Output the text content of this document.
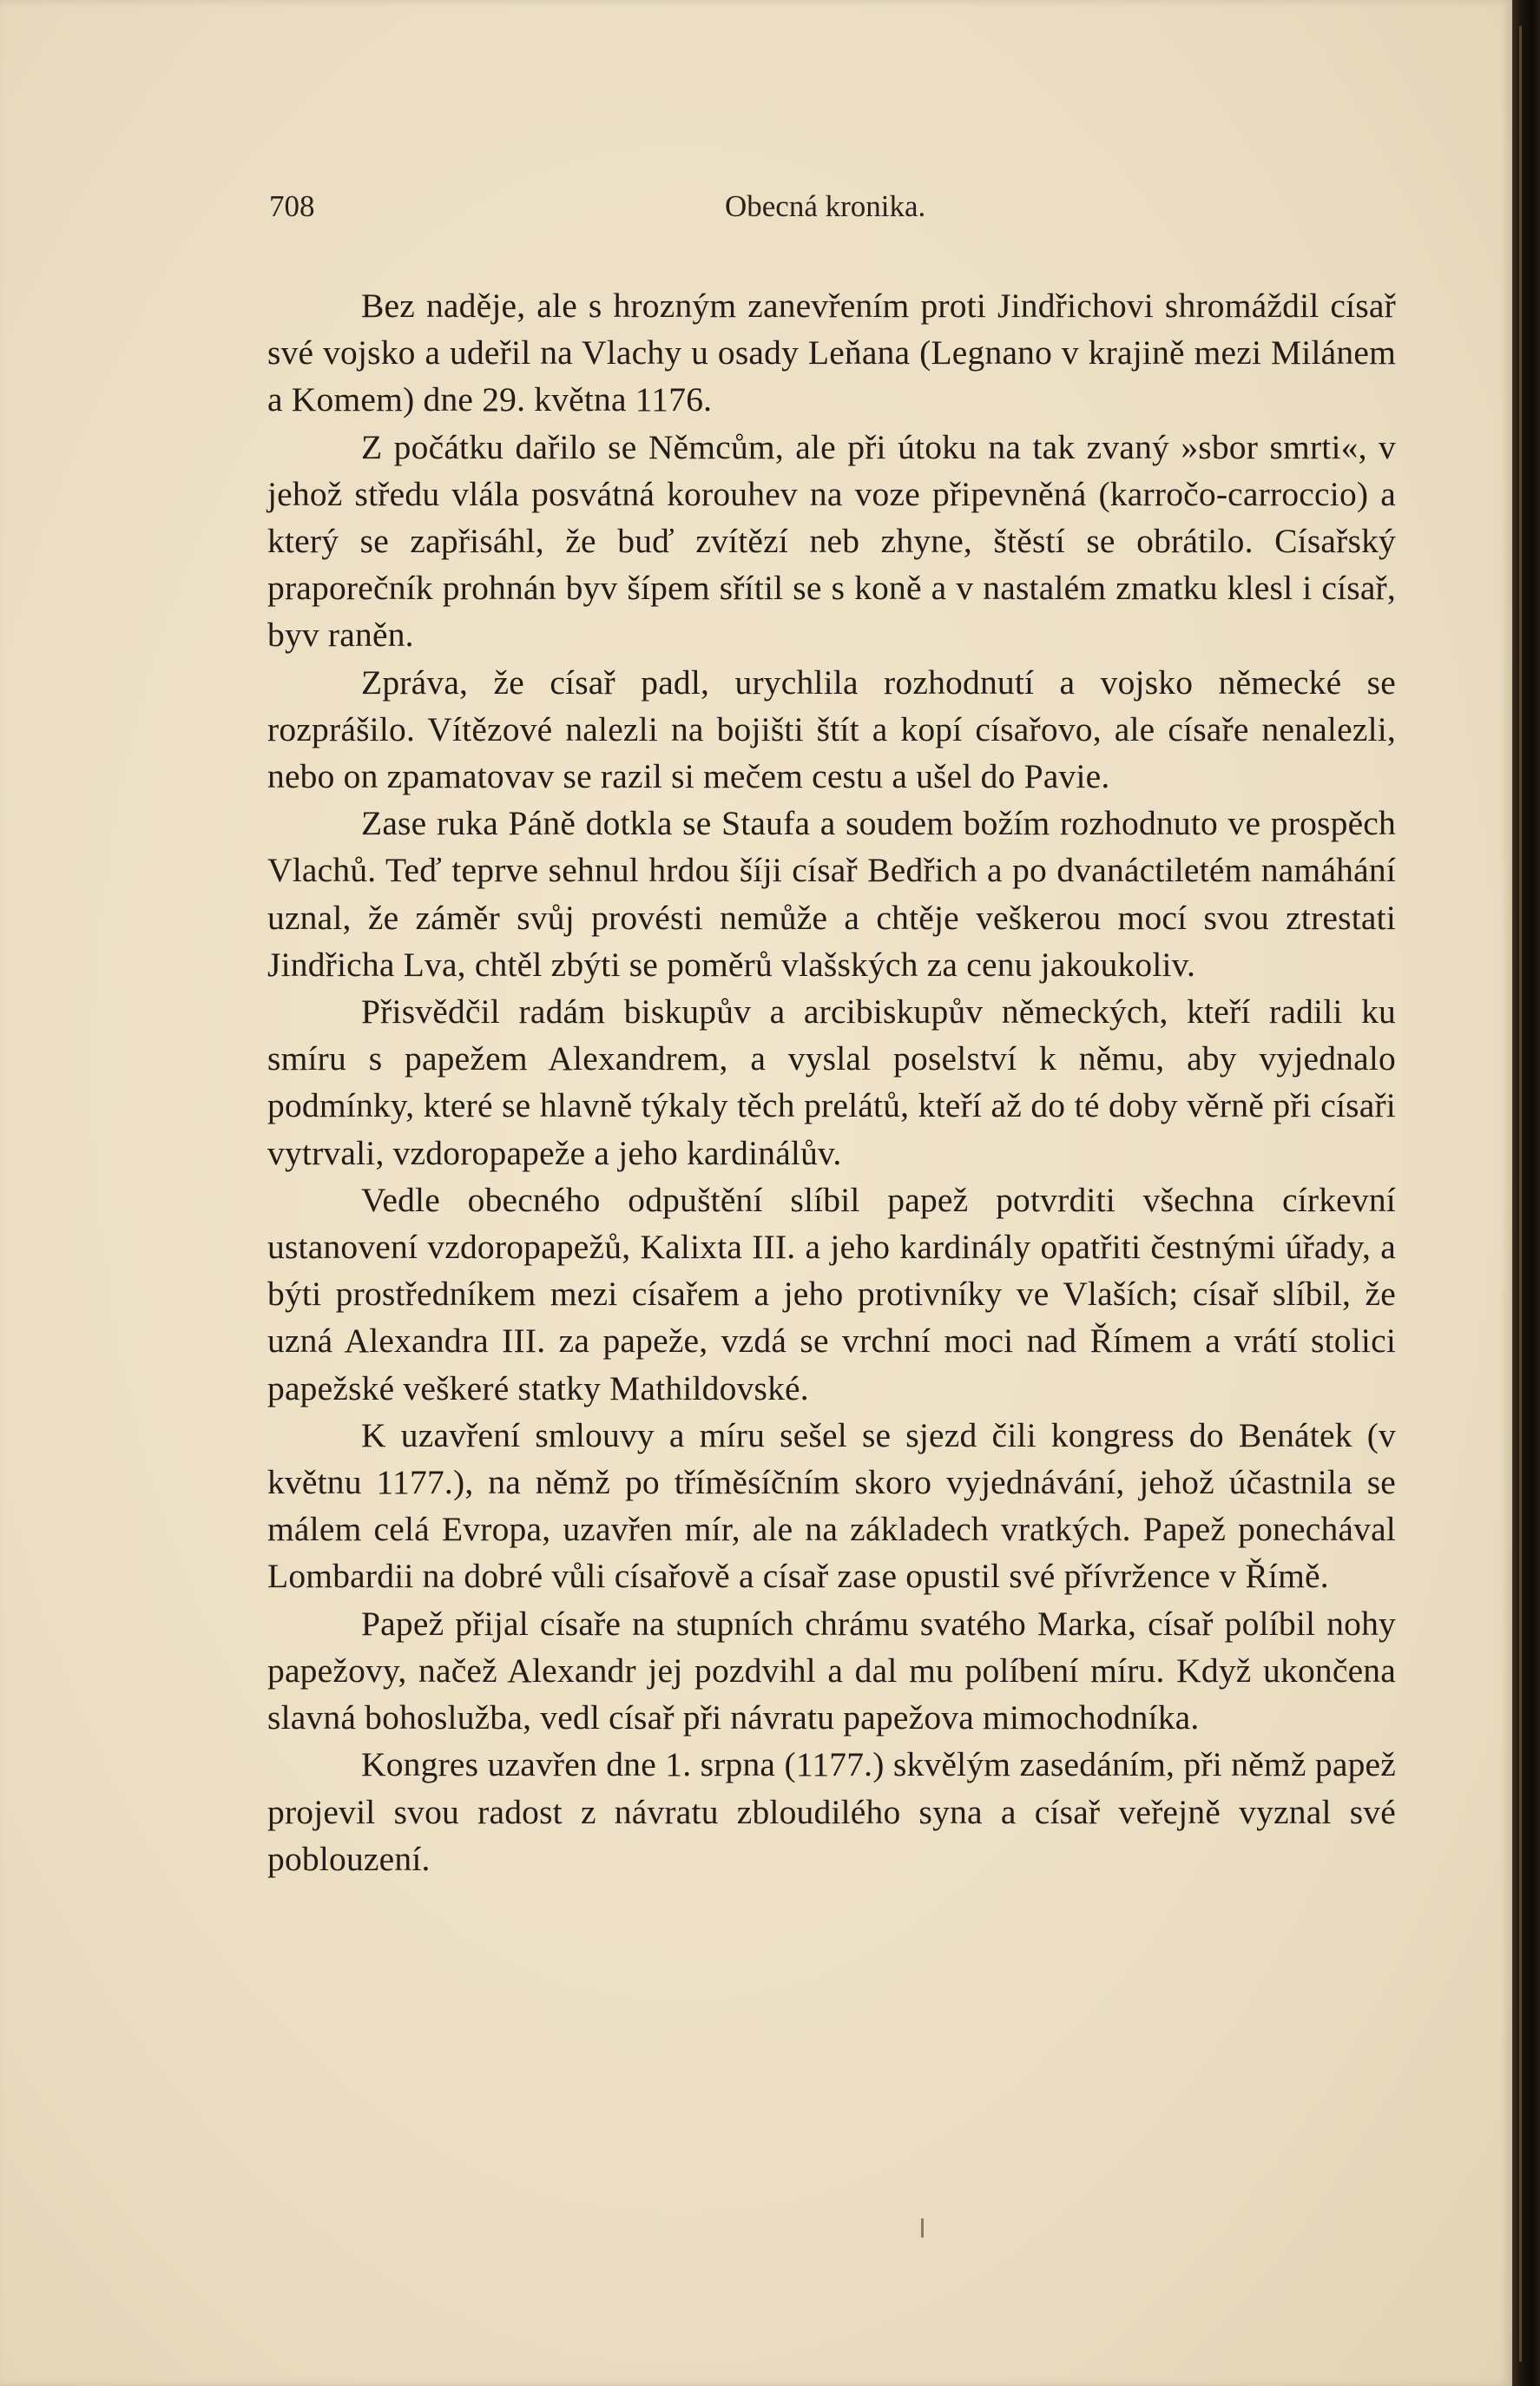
708	Obecná kronika.

Bez naděje, ale s hrozným zanevřením proti Jindřichovi shromáždil císař své vojsko a udeřil na Vlachy u osady Leňana (Legnano v krajině mezi Milánem a Komem) dne 29. května 1176.

Z počátku dařilo se Němcům, ale při útoku na tak zvaný »sbor smrti«, v jehož středu vlála posvátná korouhev na voze připevněná (karročo-carroccio) a který se zapřisáhl, že buď zvítězí neb zhyne, štěstí se obrátilo. Císařský praporečník prohnán byv šípem sřítil se s koně a v nastalém zmatku klesl i císař, byv raněn.

Zpráva, že císař padl, urychlila rozhodnutí a vojsko německé se rozprášilo. Vítězové nalezli na bojišti štít a kopí císařovo, ale císaře nenalezli, nebo on zpamatovav se razil si mečem cestu a ušel do Pavie.

Zase ruka Páně dotkla se Staufa a soudem božím rozhodnuto ve prospěch Vlachů. Teď teprve sehnul hrdou šíji císař Bedřich a po dvanáctiletém namáhání uznal, že záměr svůj provésti nemůže a chtěje veškerou mocí svou ztrestati Jindřicha Lva, chtěl zbýti se poměrů vlašských za cenu jakoukoliv.

Přisvědčil radám biskupův a arcibiskupův německých, kteří radili ku smíru s papežem Alexandrem, a vyslal poselství k němu, aby vyjednalo podmínky, které se hlavně týkaly těch prelátů, kteří až do té doby věrně při císaři vytrvali, vzdoropapeže a jeho kardinálův.

Vedle obecného odpuštění slíbil papež potvrditi všechna církevní ustanovení vzdoropapežů, Kalixta III. a jeho kardinály opatřiti čestnými úřady, a býti prostředníkem mezi císařem a jeho protivníky ve Vlaších; císař slíbil, že uzná Alexandra III. za papeže, vzdá se vrchní moci nad Římem a vrátí stolici papežské veškeré statky Mathildovské.

K uzavření smlouvy a míru sešel se sjezd čili kongress do Benátek (v květnu 1177.), na němž po tříměsíčním skoro vyjednávání, jehož účastnila se málem celá Evropa, uzavřen mír, ale na základech vratkých. Papež ponechával Lombardii na dobré vůli císařově a císař zase opustil své přívržence v Římě.

Papež přijal císaře na stupních chrámu svatého Marka, císař políbil nohy papežovy, načež Alexandr jej pozdvihl a dal mu políbení míru. Když ukončena slavná bohoslužba, vedl císař při návratu papežova mimochodníka.

Kongres uzavřen dne 1. srpna (1177.) skvělým zasedáním, při němž papež projevil svou radost z návratu zbloudilého syna a císař veřejně vyznal své poblouzení.
